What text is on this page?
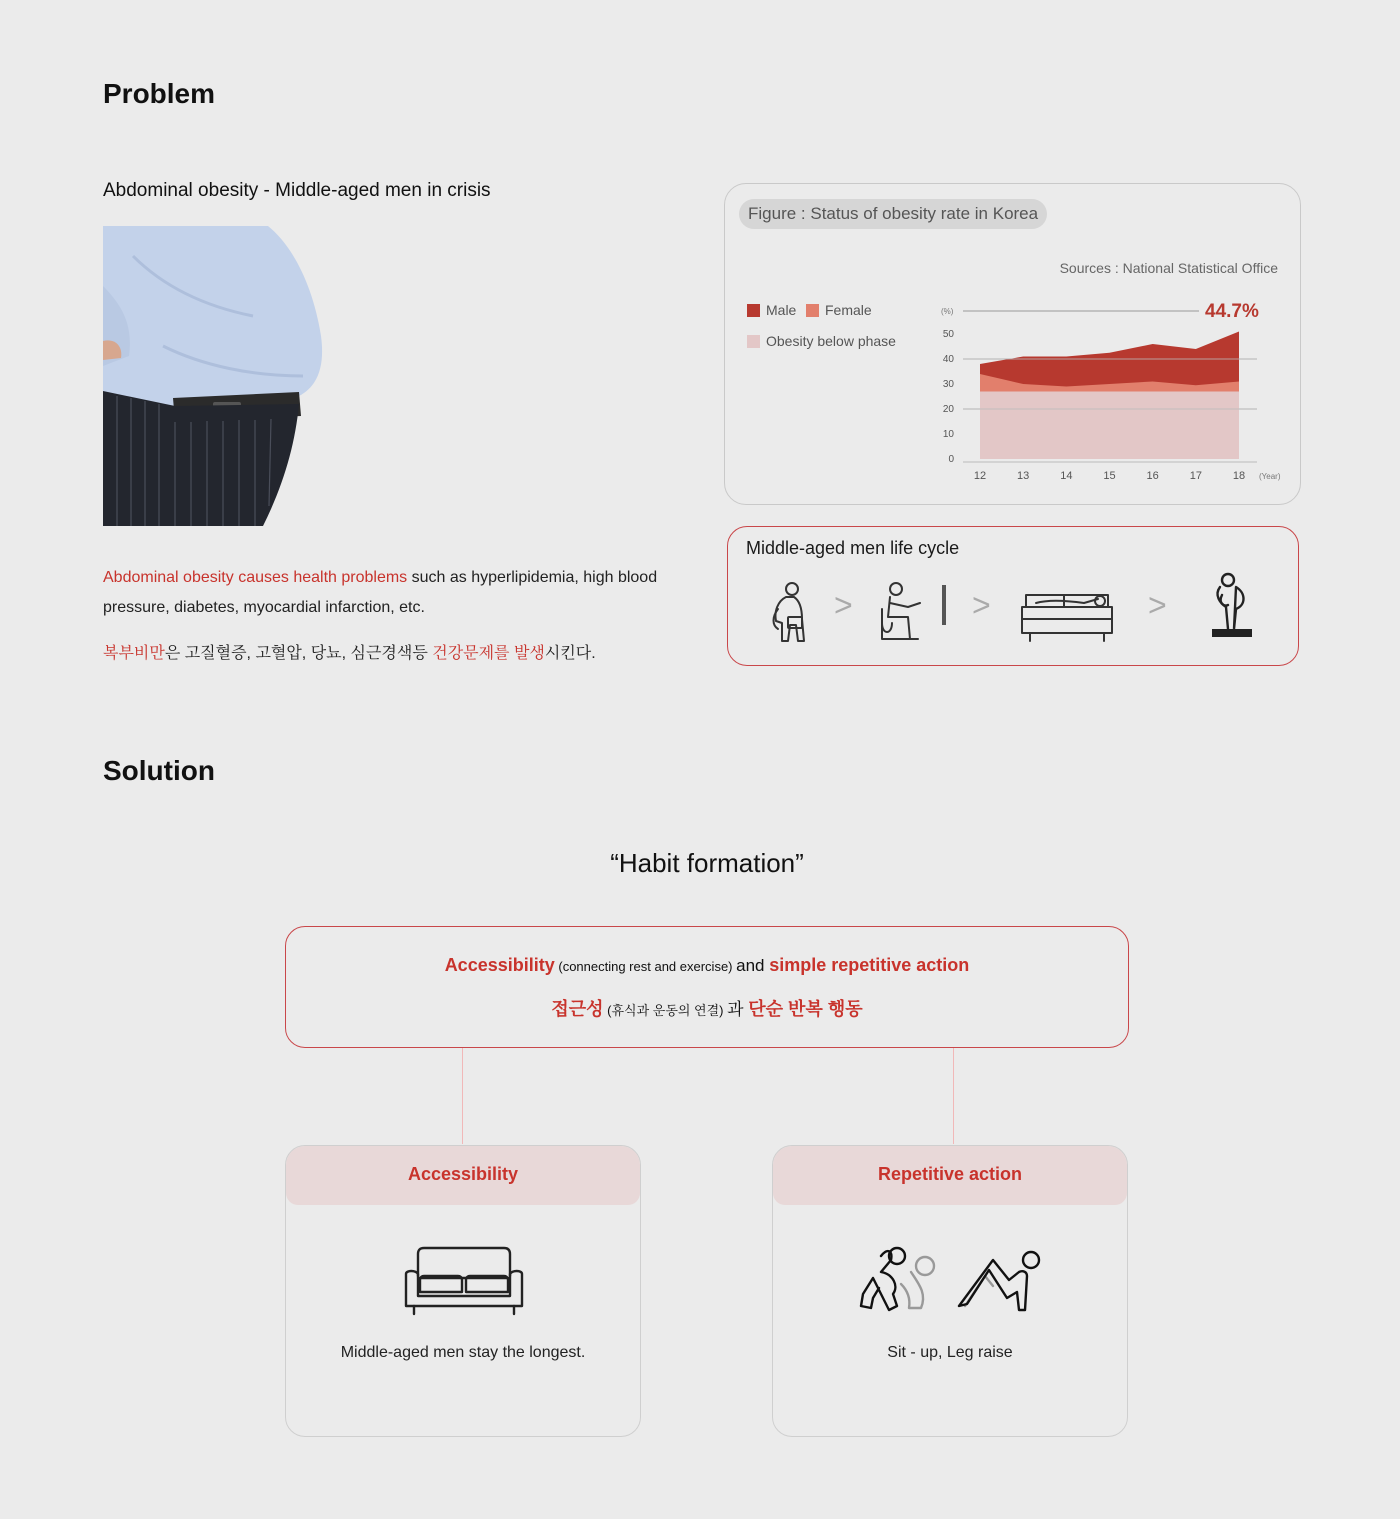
Problem
Abdominal obesity - Middle-aged men in crisis
Abdominal obesity causes health problems such as hyperlipidemia, high blood pressure, diabetes, myocardial infarction, etc.
복부비만은 고질혈증, 고혈압, 당뇨, 심근경색등 건강문제를 발생시킨다.
Figure : Status of obesity rate in Korea
Sources : National Statistical Office
Male Female
Obesity below phase
44.7%
(%)
0
10
20
30
40
50
12	13	14	15	16	17	18 (Year)
Middle-aged men life cycle
>	>	>
Solution
“Habit formation”
Accessibility (connecting rest and exercise) and simple repetitive action
접근성 (휴식과 운동의 연결) 과 단순 반복 행동
Accessibility
Middle-aged men stay the longest.
Repetitive action
Sit - up, Leg raise
